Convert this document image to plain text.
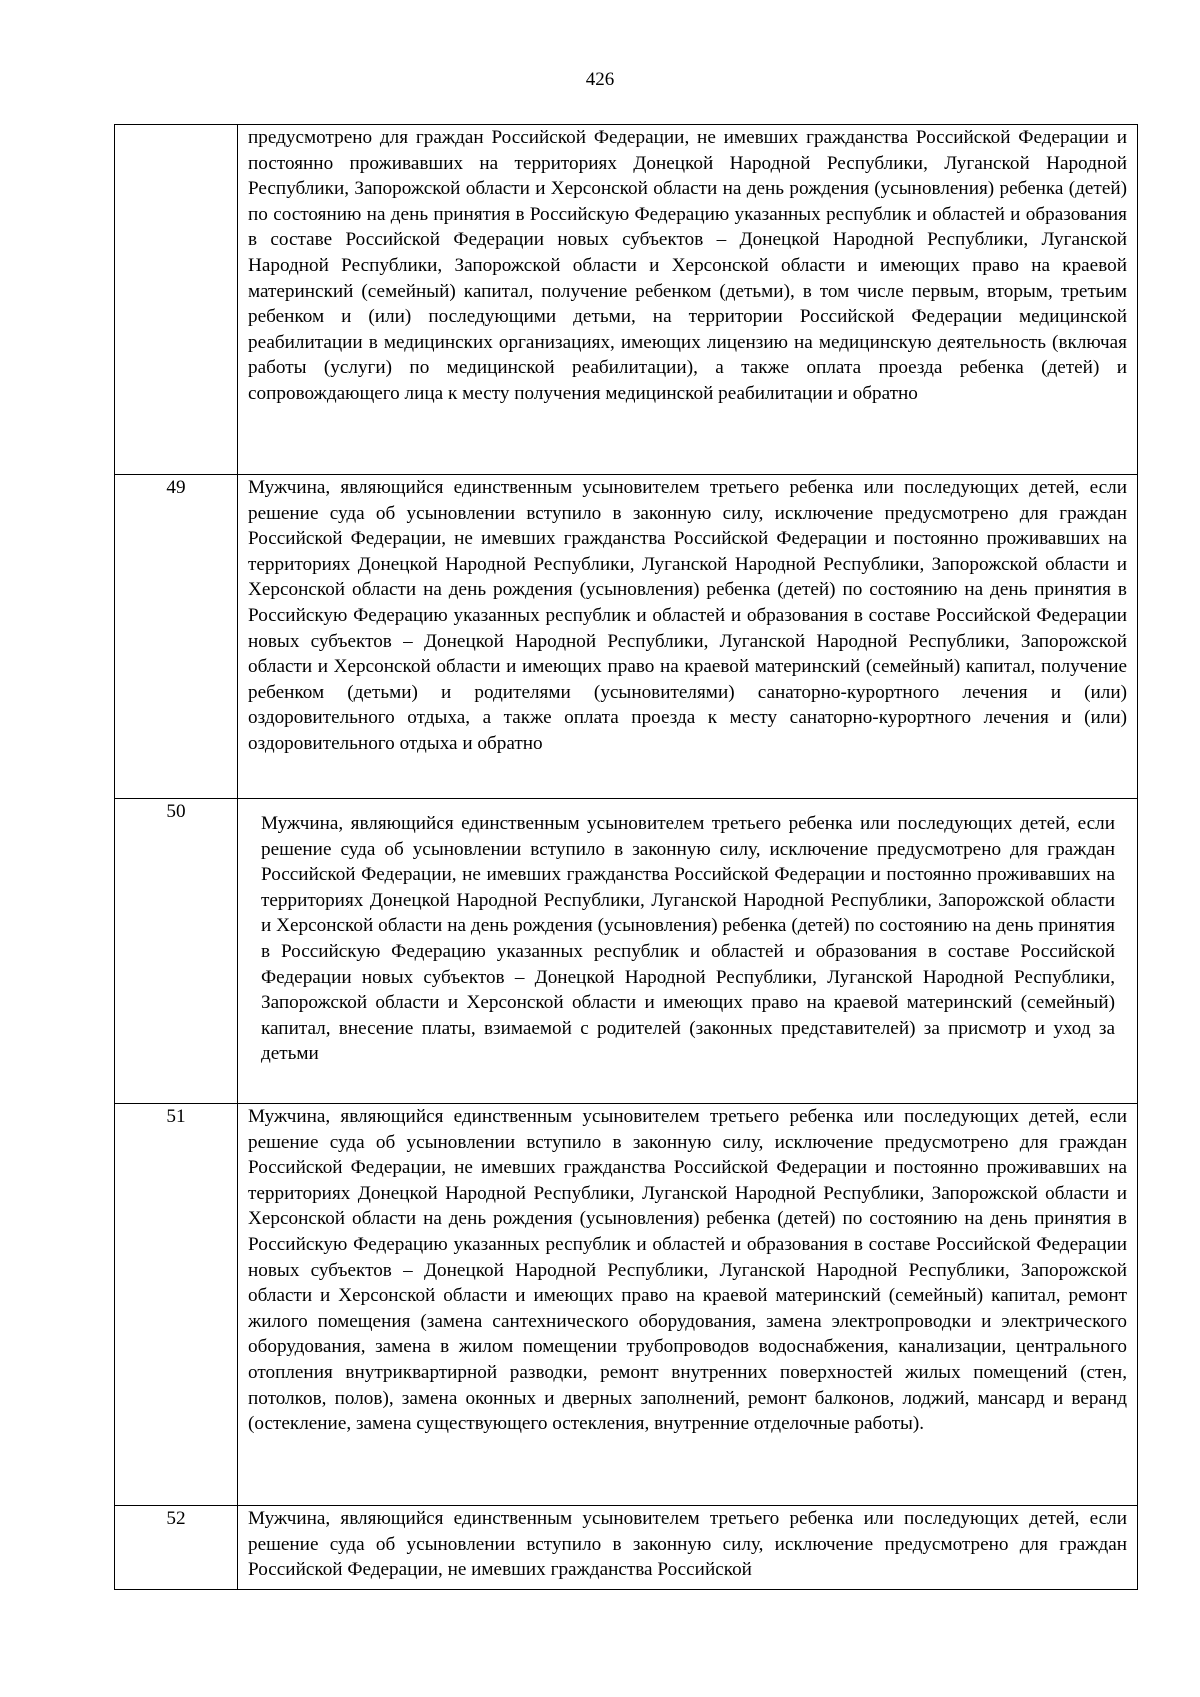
426

	предусмотрено для граждан Российской Федерации, не имевших гражданства Российской Федерации и постоянно проживавших на территориях Донецкой Народной Республики, Луганской Народной Республики, Запорожской области и Херсонской области на день рождения (усыновления) ребенка (детей) по состоянию на день принятия в Российскую Федерацию указанных республик и областей и образования в составе Российской Федерации новых субъектов – Донецкой Народной Республики, Луганской Народной Республики, Запорожской области и Херсонской области и имеющих право на краевой материнский (семейный) капитал, получение ребенком (детьми), в том числе первым, вторым, третьим ребенком и (или) последующими детьми, на территории Российской Федерации медицинской реабилитации в медицинских организациях, имеющих лицензию на медицинскую деятельность (включая работы (услуги) по медицинской реабилитации), а также оплата проезда ребенка (детей) и сопровождающего лица к месту получения медицинской реабилитации и обратно

49	Мужчина, являющийся единственным усыновителем третьего ребенка или последующих детей, если решение суда об усыновлении вступило в законную силу, исключение предусмотрено для граждан Российской Федерации, не имевших гражданства Российской Федерации и постоянно проживавших на территориях Донецкой Народной Республики, Луганской Народной Республики, Запорожской области и Херсонской области на день рождения (усыновления) ребенка (детей) по состоянию на день принятия в Российскую Федерацию указанных республик и областей и образования в составе Российской Федерации новых субъектов – Донецкой Народной Республики, Луганской Народной Республики, Запорожской области и Херсонской области и имеющих право на краевой материнский (семейный) капитал, получение ребенком (детьми) и родителями (усыновителями) санаторно-курортного лечения и (или) оздоровительного отдыха, а также оплата проезда к месту санаторно-курортного лечения и (или) оздоровительного отдыха и обратно

50	Мужчина, являющийся единственным усыновителем третьего ребенка или последующих детей, если решение суда об усыновлении вступило в законную силу, исключение предусмотрено для граждан Российской Федерации, не имевших гражданства Российской Федерации и постоянно проживавших на территориях Донецкой Народной Республики, Луганской Народной Республики, Запорожской области и Херсонской области на день рождения (усыновления) ребенка (детей) по состоянию на день принятия в Российскую Федерацию указанных республик и областей и образования в составе Российской Федерации новых субъектов – Донецкой Народной Республики, Луганской Народной Республики, Запорожской области и Херсонской области и имеющих право на краевой материнский (семейный) капитал, внесение платы, взимаемой с родителей (законных представителей) за присмотр и уход за детьми

51	Мужчина, являющийся единственным усыновителем третьего ребенка или последующих детей, если решение суда об усыновлении вступило в законную силу, исключение предусмотрено для граждан Российской Федерации, не имевших гражданства Российской Федерации и постоянно проживавших на территориях Донецкой Народной Республики, Луганской Народной Республики, Запорожской области и Херсонской области на день рождения (усыновления) ребенка (детей) по состоянию на день принятия в Российскую Федерацию указанных республик и областей и образования в составе Российской Федерации новых субъектов – Донецкой Народной Республики, Луганской Народной Республики, Запорожской области и Херсонской области и имеющих право на краевой материнский (семейный) капитал, ремонт жилого помещения (замена сантехнического оборудования, замена электропроводки и электрического оборудования, замена в жилом помещении трубопроводов водоснабжения, канализации, центрального отопления внутриквартирной разводки, ремонт внутренних поверхностей жилых помещений (стен, потолков, полов), замена оконных и дверных заполнений, ремонт балконов, лоджий, мансард и веранд (остекление, замена существующего остекления, внутренние отделочные работы).

52	Мужчина, являющийся единственным усыновителем третьего ребенка или последующих детей, если решение суда об усыновлении вступило в законную силу, исключение предусмотрено для граждан Российской Федерации, не имевших гражданства Российской
